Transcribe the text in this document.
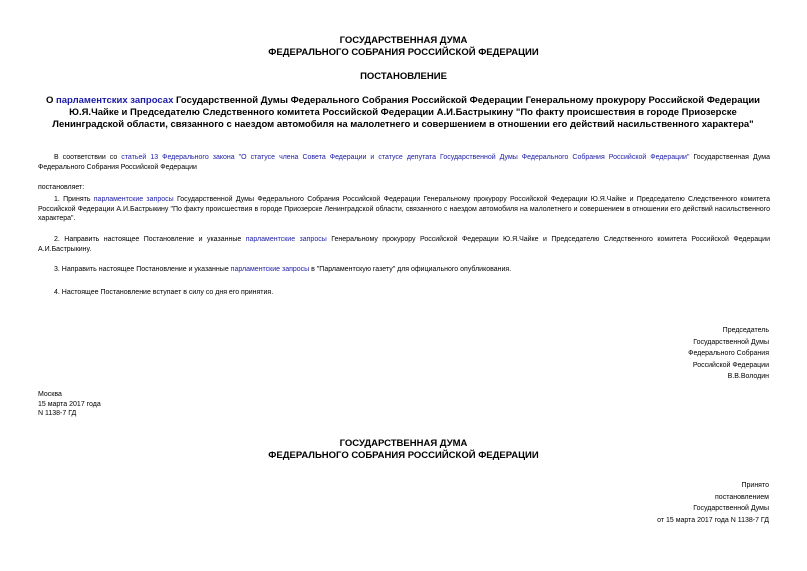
ГОСУДАРСТВЕННАЯ ДУМА
ФЕДЕРАЛЬНОГО СОБРАНИЯ РОССИЙСКОЙ ФЕДЕРАЦИИ
ПОСТАНОВЛЕНИЕ
О парламентских запросах Государственной Думы Федерального Собрания Российской Федерации Генеральному прокурору Российской Федерации Ю.Я.Чайке и Председателю Следственного комитета Российской Федерации А.И.Бастрыкину "По факту происшествия в городе Приозерске Ленинградской области, связанного с наездом автомобиля на малолетнего и совершением в отношении его действий насильственного характера"
В соответствии со статьей 13 Федерального закона "О статусе члена Совета Федерации и статусе депутата Государственной Думы Федерального Собрания Российской Федерации" Государственная Дума Федерального Собрания Российской Федерации
постановляет:
1. Принять парламентские запросы Государственной Думы Федерального Собрания Российской Федерации Генеральному прокурору Российской Федерации Ю.Я.Чайке и Председателю Следственного комитета Российской Федерации А.И.Бастрыкину "По факту происшествия в городе Приозерске Ленинградской области, связанного с наездом автомобиля на малолетнего и совершением в отношении его действий насильственного характера".
2. Направить настоящее Постановление и указанные парламентские запросы Генеральному прокурору Российской Федерации Ю.Я.Чайке и Председателю Следственного комитета Российской Федерации А.И.Бастрыкину.
3. Направить настоящее Постановление и указанные парламентские запросы в "Парламентскую газету" для официального опубликования.
4. Настоящее Постановление вступает в силу со дня его принятия.
Председатель
Государственной Думы
Федерального Собрания
Российской Федерации
В.В.Володин
Москва
15 марта 2017 года
N 1138-7 ГД
ГОСУДАРСТВЕННАЯ ДУМА
ФЕДЕРАЛЬНОГО СОБРАНИЯ РОССИЙСКОЙ ФЕДЕРАЦИИ
Принято
постановлением
Государственной Думы
от 15 марта 2017 года N 1138-7 ГД
